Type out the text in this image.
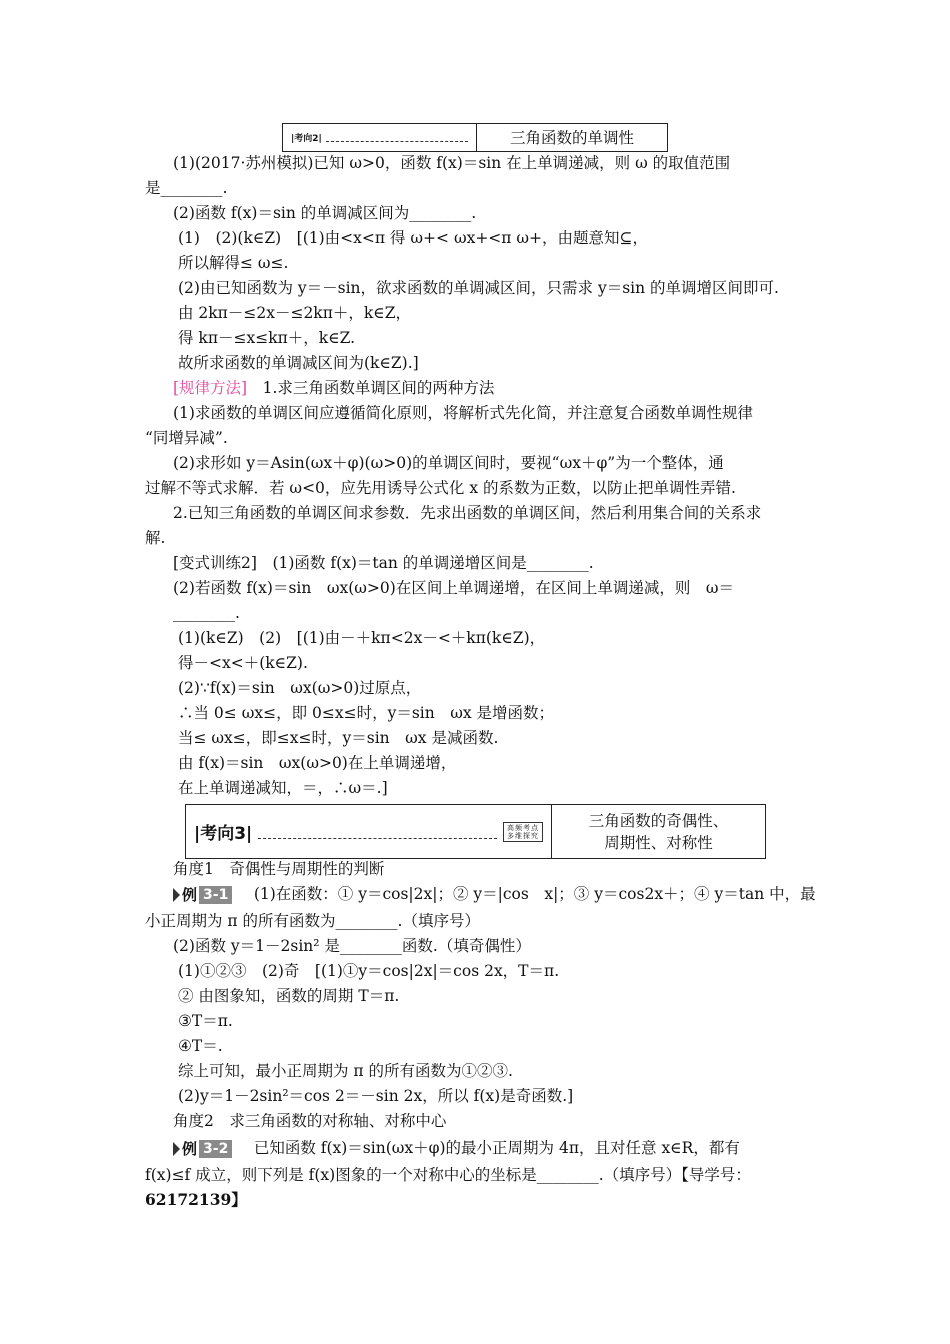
|考向2|	三角函数的单调性
(1)(2017·苏州模拟)已知 ω>0，函数 f(x)＝sin 在上单调递减，则 ω 的取值范围
是________.
(2)函数 f(x)＝sin 的单调减区间为________.
(1)　(2)(k∈Z)　[(1)由<x<π 得 ω+< ωx+<π ω+，由题意知⊆，
所以解得≤ ω≤.
(2)由已知函数为 y＝－sin，欲求函数的单调减区间，只需求 y＝sin 的单调增区间即可.
由 2kπ－≤2x－≤2kπ＋，k∈Z，
得 kπ－≤x≤kπ＋，k∈Z.
故所求函数的单调减区间为(k∈Z).]
[规律方法]　1.求三角函数单调区间的两种方法
(1)求函数的单调区间应遵循简化原则，将解析式先化简，并注意复合函数单调性规律
“同增异减”.
(2)求形如 y＝Asin(ωx＋φ)(ω>0)的单调区间时，要视“ωx＋φ”为一个整体，通
过解不等式求解．若 ω<0，应先用诱导公式化 x 的系数为正数，以防止把单调性弄错.
2.已知三角函数的单调区间求参数．先求出函数的单调区间，然后利用集合间的关系求
解.
[变式训练2]　(1)函数 f(x)＝tan 的单调递增区间是________.
(2)若函数 f(x)＝sin　ωx(ω>0)在区间上单调递增，在区间上单调递减，则　ω＝
________.
(1)(k∈Z)　(2)　[(1)由－＋kπ<2x－<＋kπ(k∈Z)，
得－<x<＋(k∈Z).
(2)∵f(x)＝sin　ωx(ω>0)过原点，
∴当 0≤ ωx≤，即 0≤x≤时，y＝sin　ωx 是增函数；
当≤ ωx≤，即≤x≤时，y＝sin　ωx 是减函数.
由 f(x)＝sin　ωx(ω>0)在上单调递增，
在上单调递减知，＝，∴ω＝.]
|考向3|	高频考点
多维探究
三角函数的奇偶性、
周期性、对称性
角度1　奇偶性与周期性的判断
例 3-1 　(1)在函数：① y＝cos|2x|；② y＝|cos　x|；③ y＝cos2x＋；④ y＝tan 中，最
小正周期为 π 的所有函数为________.（填序号）
(2)函数 y＝1－2sin² 是________函数.（填奇偶性）
(1)①②③　(2)奇　[(1)①y＝cos|2x|＝cos 2x，T＝π.
② 由图象知，函数的周期 T＝π.
③T＝π.
④T＝.
综上可知，最小正周期为 π 的所有函数为①②③.
(2)y＝1－2sin²＝cos 2＝－sin 2x，所以 f(x)是奇函数.]
角度2　求三角函数的对称轴、对称中心
例 3-2 　已知函数 f(x)＝sin(ωx＋φ)的最小正周期为 4π，且对任意 x∈R，都有
f(x)≤f 成立，则下列是 f(x)图象的一个对称中心的坐标是________.（填序号）【导学号：
62172139】
